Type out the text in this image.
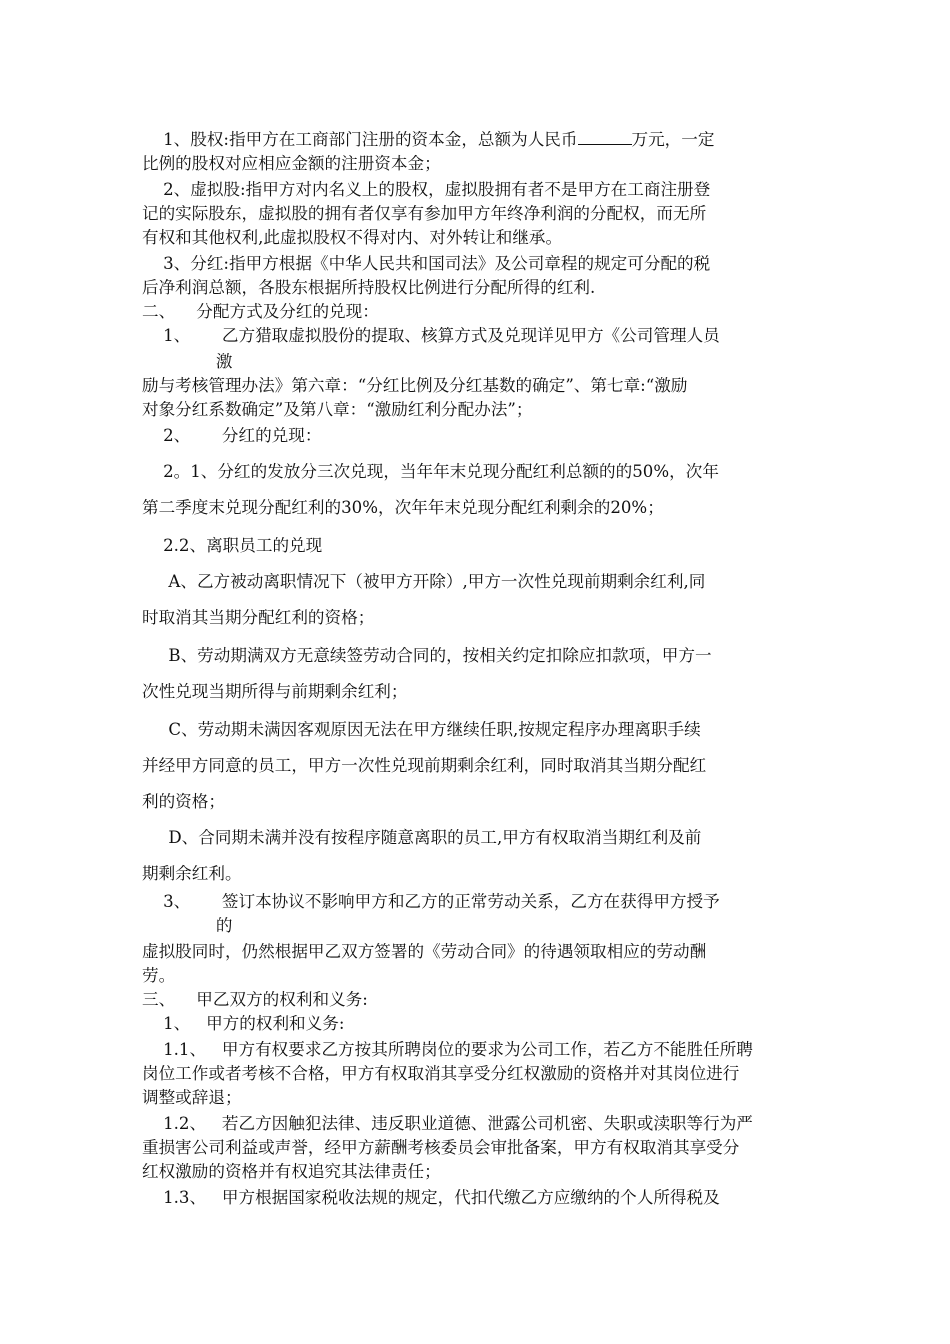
1、股权:指甲方在工商部门注册的资本金，总额为人民币	万元，一定
比例的股权对应相应金额的注册资本金；
2、虚拟股:指甲方对内名义上的股权，虚拟股拥有者不是甲方在工商注册登
记的实际股东，虚拟股的拥有者仅享有参加甲方年终净利润的分配权，而无所
有权和其他权利,此虚拟股权不得对内、对外转让和继承。
3、分红:指甲方根据《中华人民共和国司法》及公司章程的规定可分配的税
后净利润总额，各股东根据所持股权比例进行分配所得的红利.
二、    分配方式及分红的兑现：
1、      乙方猎取虚拟股份的提取、核算方式及兑现详见甲方《公司管理人员
激
励与考核管理办法》第六章：“分红比例及分红基数的确定”、第七章:“激励
对象分红系数确定”及第八章：“激励红利分配办法”；
2、      分红的兑现：
2。1、分红的发放分三次兑现，当年年末兑现分配红利总额的的50%，次年
第二季度末兑现分配红利的30%，次年年末兑现分配红利剩余的20%；
2.2、离职员工的兑现
A、乙方被动离职情况下（被甲方开除）,甲方一次性兑现前期剩余红利,同
时取消其当期分配红利的资格；
B、劳动期满双方无意续签劳动合同的，按相关约定扣除应扣款项，甲方一
次性兑现当期所得与前期剩余红利；
C、劳动期未满因客观原因无法在甲方继续任职,按规定程序办理离职手续
并经甲方同意的员工，甲方一次性兑现前期剩余红利，同时取消其当期分配红
利的资格；
D、合同期未满并没有按程序随意离职的员工,甲方有权取消当期红利及前
期剩余红利。
3、      签订本协议不影响甲方和乙方的正常劳动关系，乙方在获得甲方授予
的
虚拟股同时，仍然根据甲乙双方签署的《劳动合同》的待遇领取相应的劳动酬
劳。
三、    甲乙双方的权利和义务:
1、   甲方的权利和义务:
1.1、   甲方有权要求乙方按其所聘岗位的要求为公司工作，若乙方不能胜任所聘
岗位工作或者考核不合格，甲方有权取消其享受分红权激励的资格并对其岗位进行
调整或辞退；
1.2、   若乙方因触犯法律、违反职业道德、泄露公司机密、失职或渎职等行为严
重损害公司利益或声誉，经甲方薪酬考核委员会审批备案，甲方有权取消其享受分
红权激励的资格并有权追究其法律责任；
1.3、   甲方根据国家税收法规的规定，代扣代缴乙方应缴纳的个人所得税及
